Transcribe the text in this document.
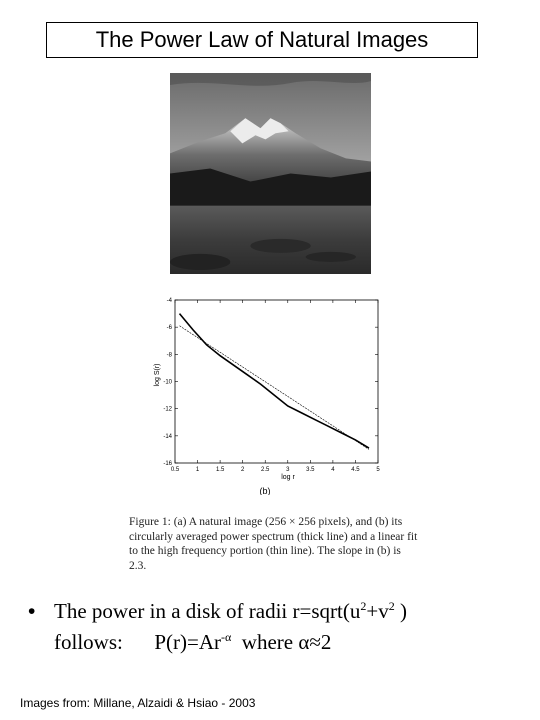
The Power Law of Natural Images
0.5	1	1.5	2	2.5	3	3.5	4	4.5	5
-4
-6
-8
-10
-12
-14
-16
log r
log S(r)
(b)
Figure 1: (a) A natural image (256 × 256 pixels), and (b) its circularly averaged power spectrum (thick line) and a linear fit to the high frequency portion (thin line). The slope in (b) is 2.3.
• The power in a disk of radii $r=sqrt(u^2+v^2$ )
follows:      $P(r)=Ar^{-\alpha}$  where α≈2
Images from: Millane, Alzaidi & Hsiao - 2003
